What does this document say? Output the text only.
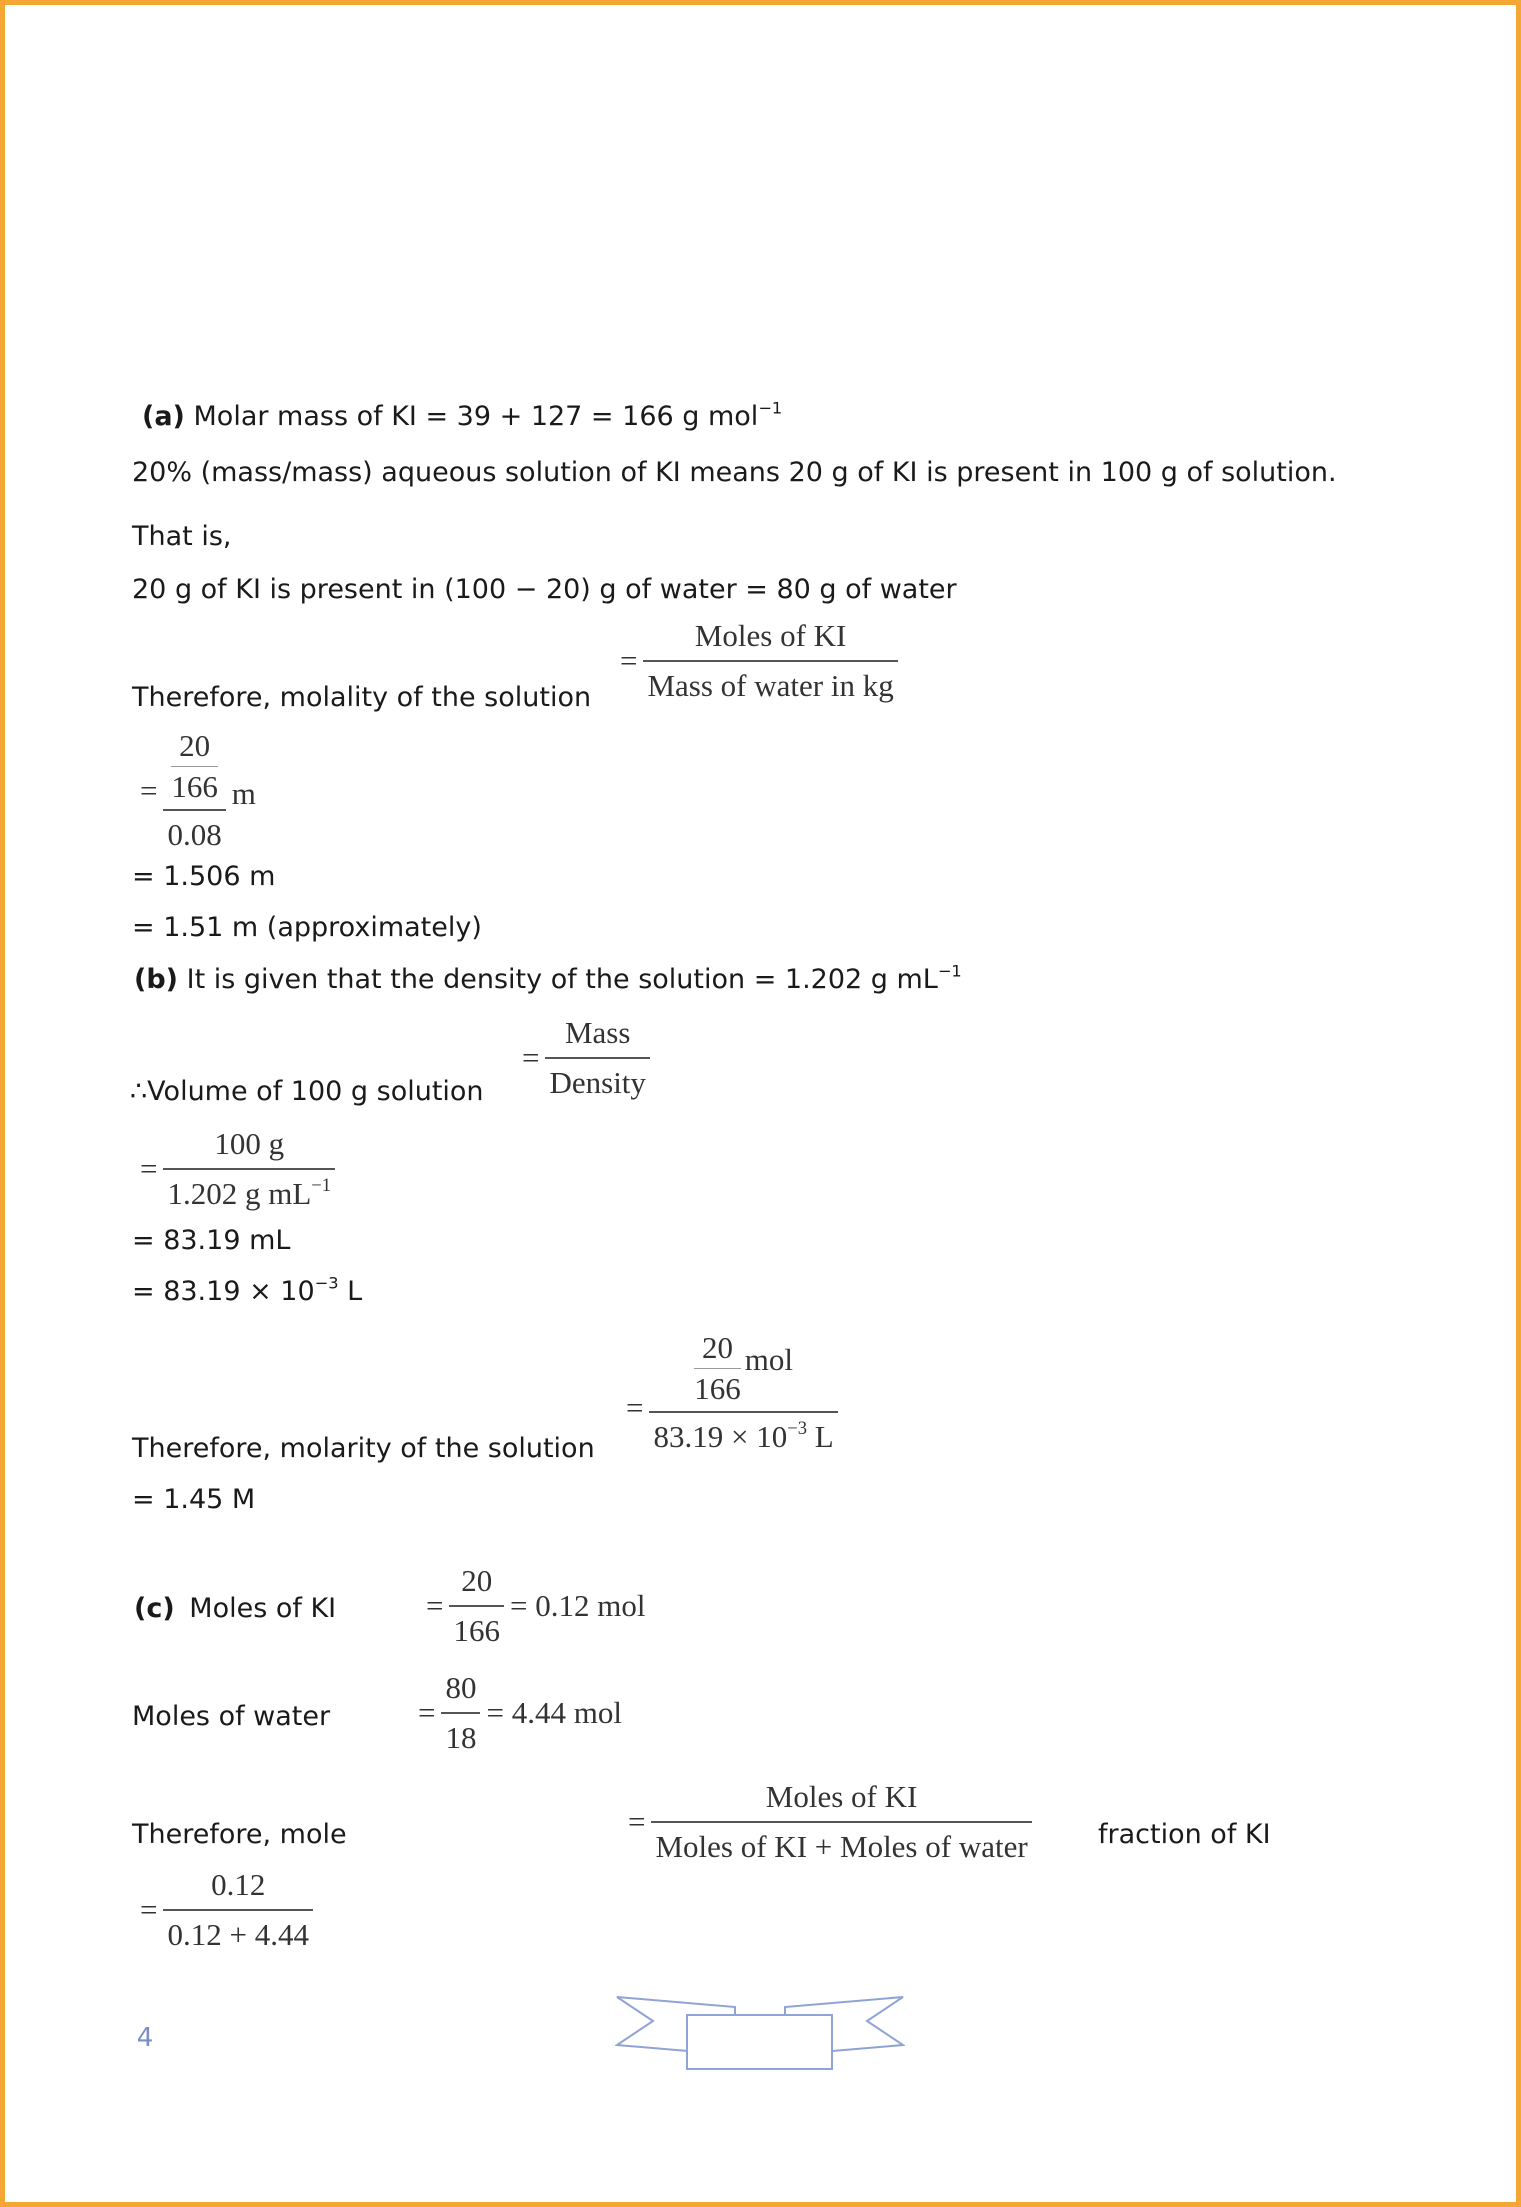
(a) Molar mass of KI = 39 + 127 = 166 g mol$^{-1}$
20% (mass/mass) aqueous solution of KI means 20 g of KI is present in 100 g of solution.
That is,
20 g of KI is present in (100 − 20) g of water = 80 g of water
= $\frac{\text{Moles of KI}}{\text{Mass of water in kg}}$
Therefore, molality of the solution
= $\frac{\frac{20}{166}}{0.08}$ m
= 1.506 m
= 1.51 m (approximately)
(b) It is given that the density of the solution = 1.202 g $mL^{-1}$
= $\frac{\text{Mass}}{\text{Density}}$
∴Volume of 100 g solution
= $\frac{100 g}{1.202 g mL^{-1}}$
= 83.19 mL
= $83.19 \times 10^{-3}$ L
= 20
166
mol
$83.19 \times 10^{-3}$ L
Therefore, molarity of the solution
= 1.45 M
(c) Moles of KI	= $\frac{20}{166} = 0.12$ mol
Moles of water	= $\frac{80}{18} = 4.44$ mol
Therefore, mole	= $\frac{\text{Moles of KI}}{\text{Moles of KI + Moles of water}}$ fraction of KI
= $\frac{0.12}{0.12 + 4.44}$
4
